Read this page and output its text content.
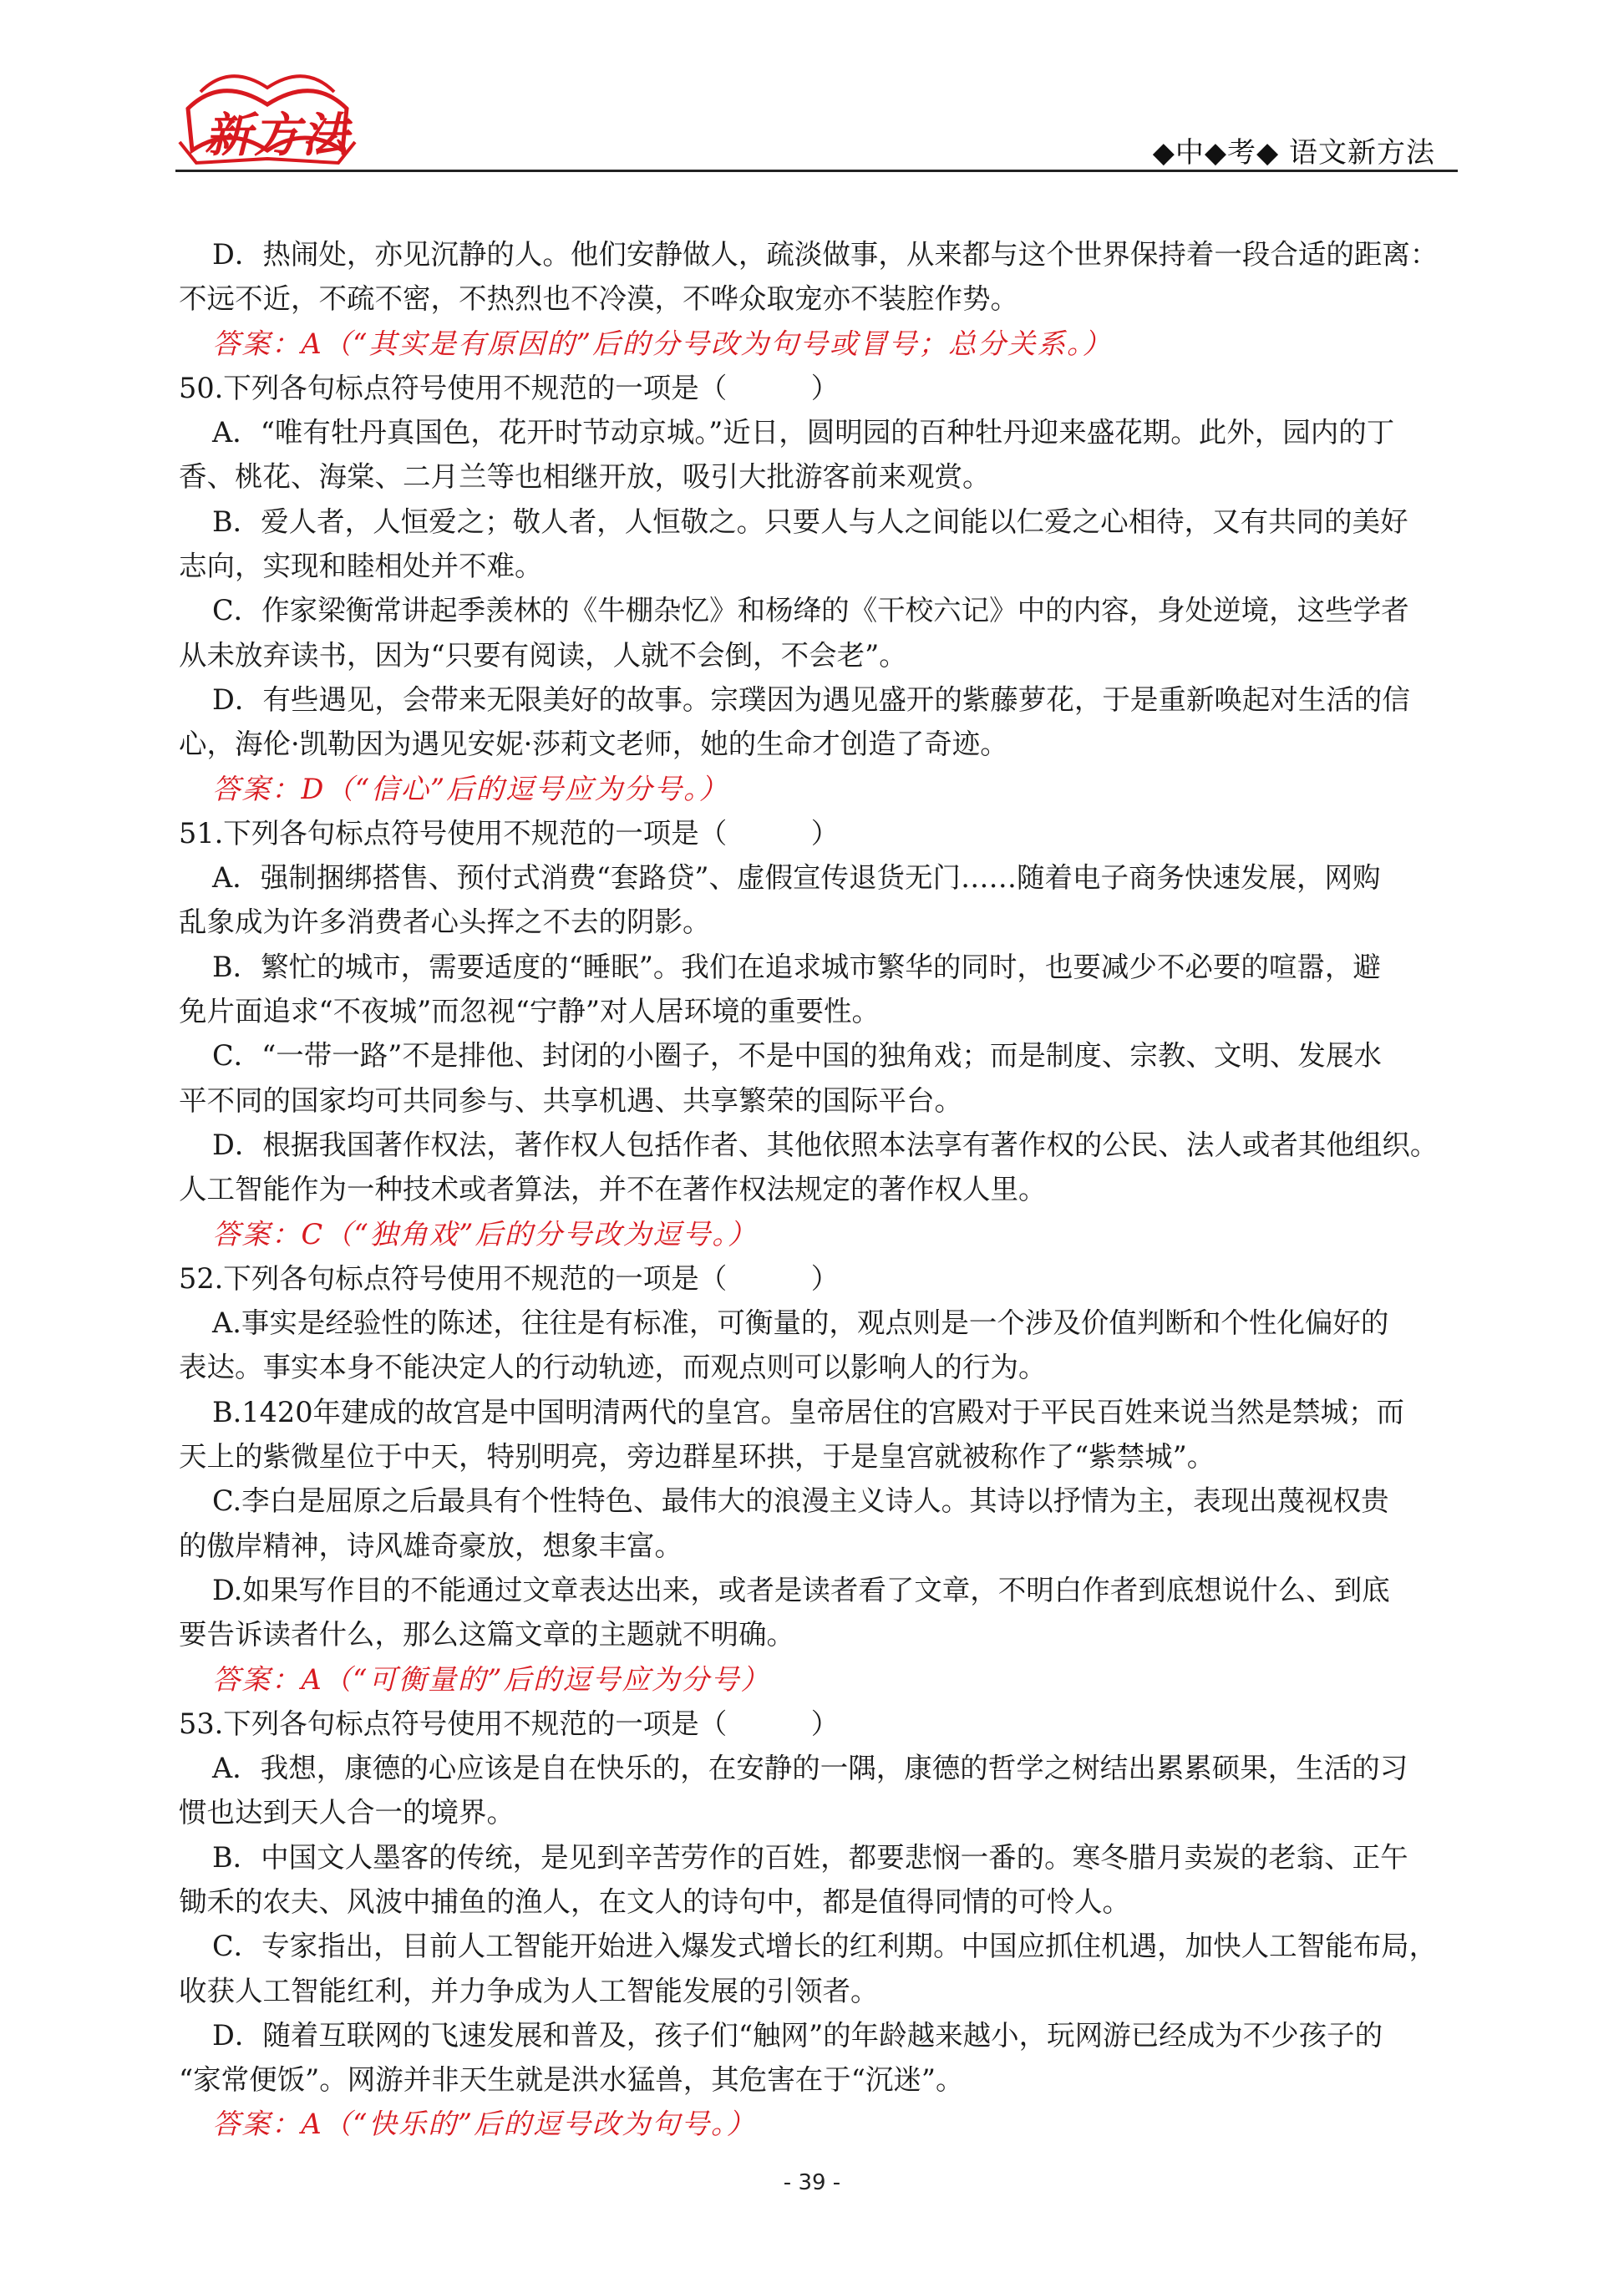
新方法	◆中◆考◆ 语文新方法
D．热闹处，亦见沉静的人。他们安静做人，疏淡做事，从来都与这个世界保持着一段合适的距离：
不远不近，不疏不密，不热烈也不冷漠，不哗众取宠亦不装腔作势。
答案：A（“其实是有原因的”后的分号改为句号或冒号；总分关系。）
50.下列各句标点符号使用不规范的一项是（　　　）
A．“唯有牡丹真国色，花开时节动京城。”近日，圆明园的百种牡丹迎来盛花期。此外，园内的丁
香、桃花、海棠、二月兰等也相继开放，吸引大批游客前来观赏。
B．爱人者，人恒爱之；敬人者，人恒敬之。只要人与人之间能以仁爱之心相待，又有共同的美好
志向，实现和睦相处并不难。
C．作家梁衡常讲起季羡林的《牛棚杂忆》和杨绛的《干校六记》中的内容，身处逆境，这些学者
从未放弃读书，因为“只要有阅读，人就不会倒，不会老”。
D．有些遇见，会带来无限美好的故事。宗璞因为遇见盛开的紫藤萝花，于是重新唤起对生活的信
心，海伦·凯勒因为遇见安妮·莎莉文老师，她的生命才创造了奇迹。
答案：D（“信心”后的逗号应为分号。）
51.下列各句标点符号使用不规范的一项是（　　　）
A．强制捆绑搭售、预付式消费“套路贷”、虚假宣传退货无门……随着电子商务快速发展，网购
乱象成为许多消费者心头挥之不去的阴影。
B．繁忙的城市，需要适度的“睡眠”。我们在追求城市繁华的同时，也要减少不必要的喧嚣，避
免片面追求“不夜城”而忽视“宁静”对人居环境的重要性。
C．“一带一路”不是排他、封闭的小圈子，不是中国的独角戏；而是制度、宗教、文明、发展水
平不同的国家均可共同参与、共享机遇、共享繁荣的国际平台。
D．根据我国著作权法，著作权人包括作者、其他依照本法享有著作权的公民、法人或者其他组织。
人工智能作为一种技术或者算法，并不在著作权法规定的著作权人里。
答案：C（“独角戏”后的分号改为逗号。）
52.下列各句标点符号使用不规范的一项是（　　　）
A.事实是经验性的陈述，往往是有标准，可衡量的，观点则是一个涉及价值判断和个性化偏好的
表达。事实本身不能决定人的行动轨迹，而观点则可以影响人的行为。
B.1420年建成的故宫是中国明清两代的皇宫。皇帝居住的宫殿对于平民百姓来说当然是禁城；而
天上的紫微星位于中天，特别明亮，旁边群星环拱，于是皇宫就被称作了“紫禁城”。
C.李白是屈原之后最具有个性特色、最伟大的浪漫主义诗人。其诗以抒情为主，表现出蔑视权贵
的傲岸精神，诗风雄奇豪放，想象丰富。
D.如果写作目的不能通过文章表达出来，或者是读者看了文章，不明白作者到底想说什么、到底
要告诉读者什么，那么这篇文章的主题就不明确。
答案：A（“可衡量的”后的逗号应为分号）
53.下列各句标点符号使用不规范的一项是（　　　）
A．我想，康德的心应该是自在快乐的，在安静的一隅，康德的哲学之树结出累累硕果，生活的习
惯也达到天人合一的境界。
B．中国文人墨客的传统，是见到辛苦劳作的百姓，都要悲悯一番的。寒冬腊月卖炭的老翁、正午
锄禾的农夫、风波中捕鱼的渔人，在文人的诗句中，都是值得同情的可怜人。
C．专家指出，目前人工智能开始进入爆发式增长的红利期。中国应抓住机遇，加快人工智能布局，
收获人工智能红利，并力争成为人工智能发展的引领者。
D．随着互联网的飞速发展和普及，孩子们“触网”的年龄越来越小，玩网游已经成为不少孩子的
“家常便饭”。网游并非天生就是洪水猛兽，其危害在于“沉迷”。
答案：A（“快乐的”后的逗号改为句号。）
- 39 -
